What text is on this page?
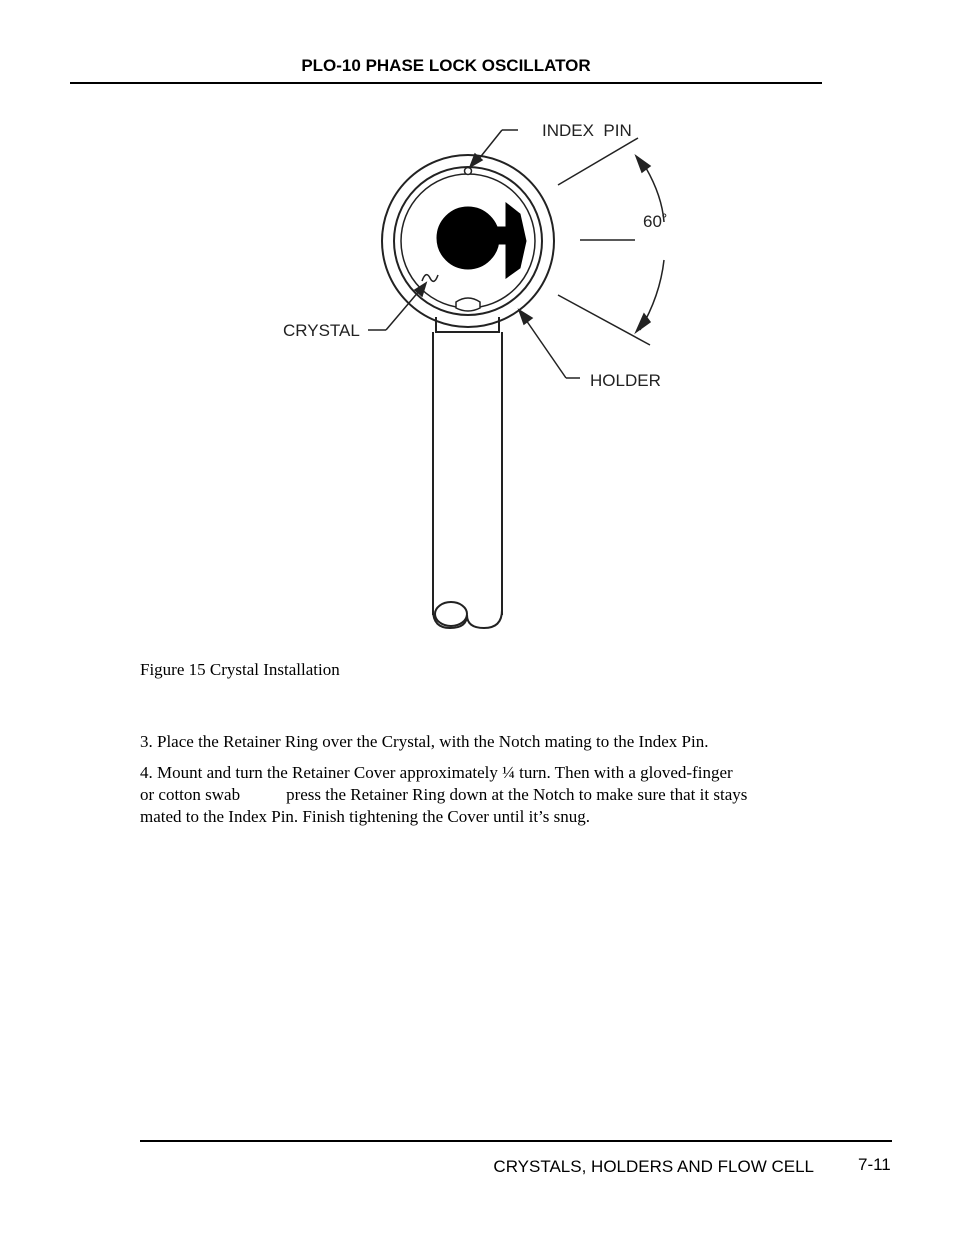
PLO-10 PHASE LOCK OSCILLATOR
INDEX  PIN
60˚
CRYSTAL
HOLDER
Figure 15 Crystal Installation

3. Place the Retainer Ring over the Crystal, with the Notch mating to the Index Pin.

4. Mount and turn the Retainer Cover approximately ¼ turn. Then with a gloved-finger
or cotton swab	press the Retainer Ring down at the Notch to make sure that it stays
mated to the Index Pin. Finish tightening the Cover until it’s snug.

CRYSTALS, HOLDERS AND FLOW CELL	7-11
